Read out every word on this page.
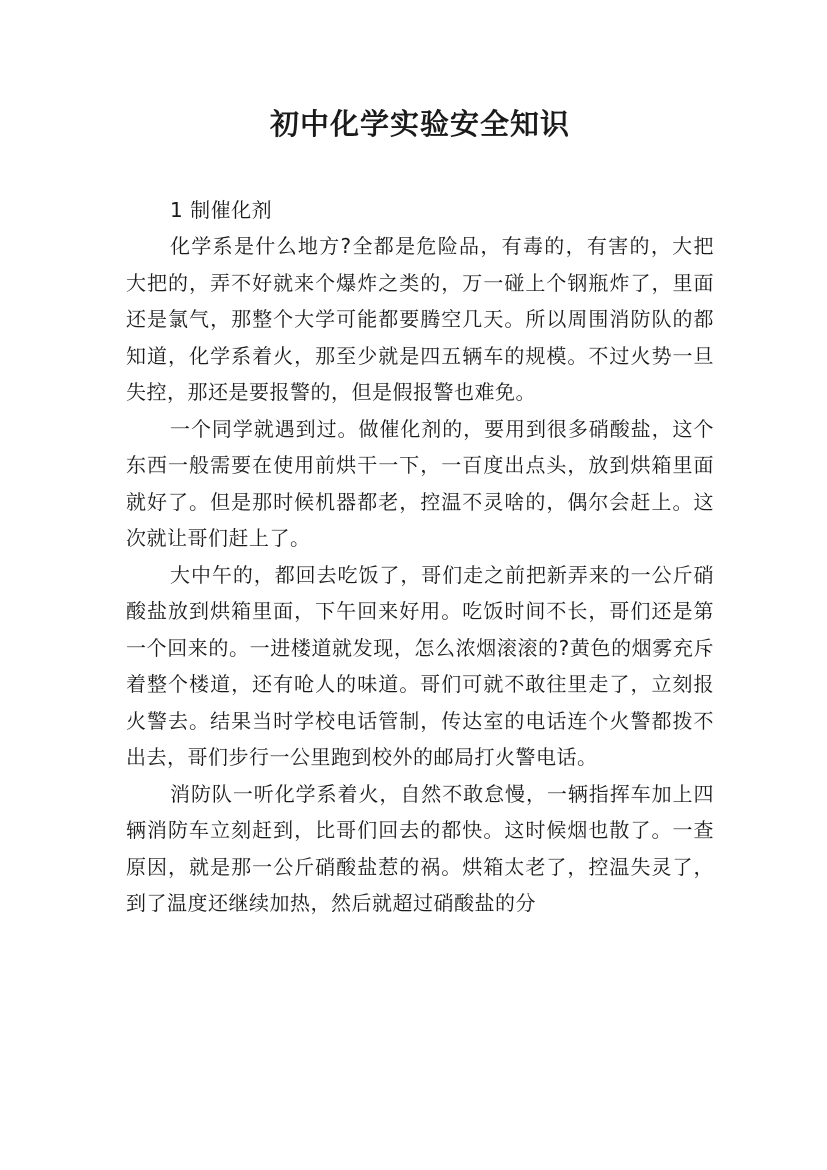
初中化学实验安全知识

1 制催化剂

化学系是什么地方?全都是危险品，有毒的，有害的，大把大把的，弄不好就来个爆炸之类的，万一碰上个钢瓶炸了，里面还是氯气，那整个大学可能都要腾空几天。所以周围消防队的都知道，化学系着火，那至少就是四五辆车的规模。不过火势一旦失控，那还是要报警的，但是假报警也难免。

一个同学就遇到过。做催化剂的，要用到很多硝酸盐，这个东西一般需要在使用前烘干一下，一百度出点头，放到烘箱里面就好了。但是那时候机器都老，控温不灵啥的，偶尔会赶上。这次就让哥们赶上了。

大中午的，都回去吃饭了，哥们走之前把新弄来的一公斤硝酸盐放到烘箱里面，下午回来好用。吃饭时间不长，哥们还是第一个回来的。一进楼道就发现，怎么浓烟滚滚的?黄色的烟雾充斥着整个楼道，还有呛人的味道。哥们可就不敢往里走了，立刻报火警去。结果当时学校电话管制，传达室的电话连个火警都拨不出去，哥们步行一公里跑到校外的邮局打火警电话。

消防队一听化学系着火，自然不敢怠慢，一辆指挥车加上四辆消防车立刻赶到，比哥们回去的都快。这时候烟也散了。一查原因，就是那一公斤硝酸盐惹的祸。烘箱太老了，控温失灵了，到了温度还继续加热，然后就超过硝酸盐的分
